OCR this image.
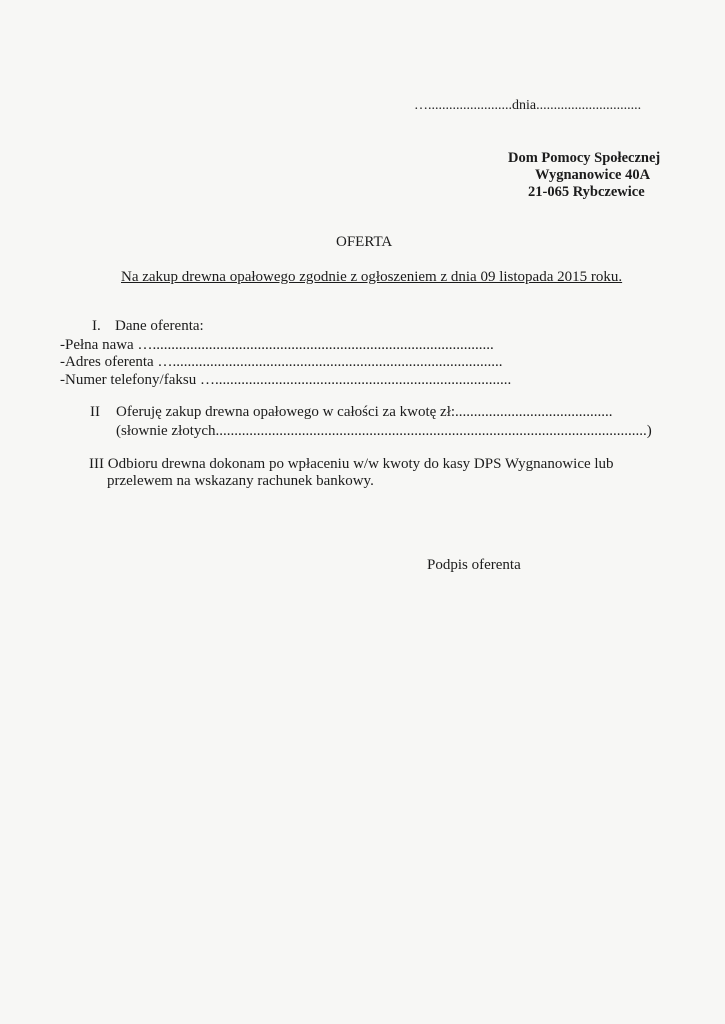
…........................dnia..............................
Dom Pomocy Społecznej
Wygnanowice 40A
21-065 Rybczewice
OFERTA
Na zakup drewna opałowego zgodnie z ogłoszeniem z dnia 09 listopada 2015 roku.
I. Dane oferenta:
-Pełna nawa …...........................................................................................
-Adres oferenta …........................................................................................
-Numer telefony/faksu …...............................................................................
II Oferuję zakup drewna opałowego w całości za kwotę zł:..........................................
(słownie złotych...................................................................................................................)
III Odbioru drewna dokonam po wpłaceniu w/w kwoty do kasy DPS Wygnanowice lub
przelewem na wskazany rachunek bankowy.
Podpis oferenta
